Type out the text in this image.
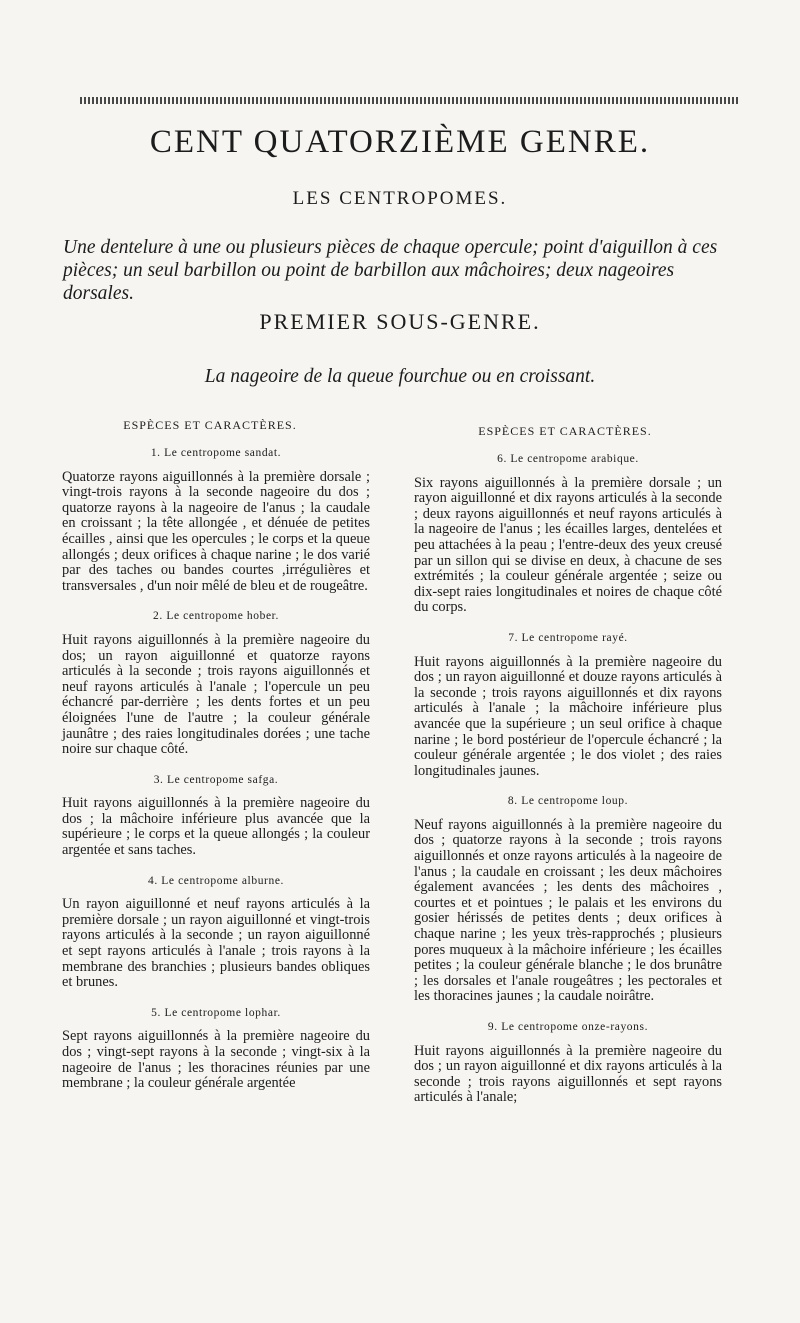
CENT QUATORZIÈME GENRE.
LES CENTROPOMES.
Une dentelure à une ou plusieurs pièces de chaque opercule; point d'aiguillon à ces pièces; un seul barbillon ou point de barbillon aux mâchoires; deux nageoires dorsales.
PREMIER SOUS-GENRE.
La nageoire de la queue fourchue ou en croissant.
ESPÈCES ET CARACTÈRES.	ESPÈCES ET CARACTÈRES.
1. Le centropome sandat.
Quatorze rayons aiguillonnés à la première dorsale ; vingt-trois rayons à la seconde nageoire du dos ; quatorze rayons à la nageoire de l'anus ; la caudale en croissant ; la tête allongée , et dénuée de petites écailles , ainsi que les opercules ; le corps et la queue allongés ; deux orifices à chaque narine ; le dos varié par des taches ou bandes courtes ,irrégulières et transversales , d'un noir mêlé de bleu et de rougeâtre.
2. Le centropome hober.
Huit rayons aiguillonnés à la première nageoire du dos; un rayon aiguillonné et quatorze rayons articulés à la seconde ; trois rayons aiguillonnés et neuf rayons articulés à l'anale ; l'opercule un peu échancré par-derrière ; les dents fortes et un peu éloignées l'une de l'autre ; la couleur générale jaunâtre ; des raies longitudinales dorées ; une tache noire sur chaque côté.
3. Le centropome safga.
Huit rayons aiguillonnés à la première nageoire du dos ; la mâchoire inférieure plus avancée que la supérieure ; le corps et la queue allongés ; la couleur argentée et sans taches.
4. Le centropome alburne.
Un rayon aiguillonné et neuf rayons articulés à la première dorsale ; un rayon aiguillonné et vingt-trois rayons articulés à la seconde ; un rayon aiguillonné et sept rayons articulés à l'anale ; trois rayons à la membrane des branchies ; plusieurs bandes obliques et brunes.
5. Le centropome lophar.
Sept rayons aiguillonnés à la première nageoire du dos ; vingt-sept rayons à la seconde ; vingt-six à la nageoire de l'anus ; les thoracines réunies par une membrane ; la couleur générale argentée
6. Le centropome arabique.
Six rayons aiguillonnés à la première dorsale ; un rayon aiguillonné et dix rayons articulés à la seconde ; deux rayons aiguillonnés et neuf rayons articulés à la nageoire de l'anus ; les écailles larges, dentelées et peu attachées à la peau ; l'entre-deux des yeux creusé par un sillon qui se divise en deux, à chacune de ses extrémités ; la couleur générale argentée ; seize ou dix-sept raies longitudinales et noires de chaque côté du corps.
7. Le centropome rayé.
Huit rayons aiguillonnés à la première nageoire du dos ; un rayon aiguillonné et douze rayons articulés à la seconde ; trois rayons aiguillonnés et dix rayons articulés à l'anale ; la mâchoire inférieure plus avancée que la supérieure ; un seul orifice à chaque narine ; le bord postérieur de l'opercule échancré ; la couleur générale argentée ; le dos violet ; des raies longitudinales jaunes.
8. Le centropome loup.
Neuf rayons aiguillonnés à la première nageoire du dos ; quatorze rayons à la seconde ; trois rayons aiguillonnés et onze rayons articulés à la nageoire de l'anus ; la caudale en croissant ; les deux mâchoires également avancées ; les dents des mâchoires , courtes et et pointues ; le palais et les environs du gosier hérissés de petites dents ; deux orifices à chaque narine ; les yeux très-rapprochés ; plusieurs pores muqueux à la mâchoire inférieure ; les écailles petites ; la couleur générale blanche ; le dos brunâtre ; les dorsales et l'anale rougeâtres ; les pectorales et les thoracines jaunes ; la caudale noirâtre.
9. Le centropome onze-rayons.
Huit rayons aiguillonnés à la première nageoire du dos ; un rayon aiguillonné et dix rayons articulés à la seconde ; trois rayons aiguillonnés et sept rayons articulés à l'anale;
